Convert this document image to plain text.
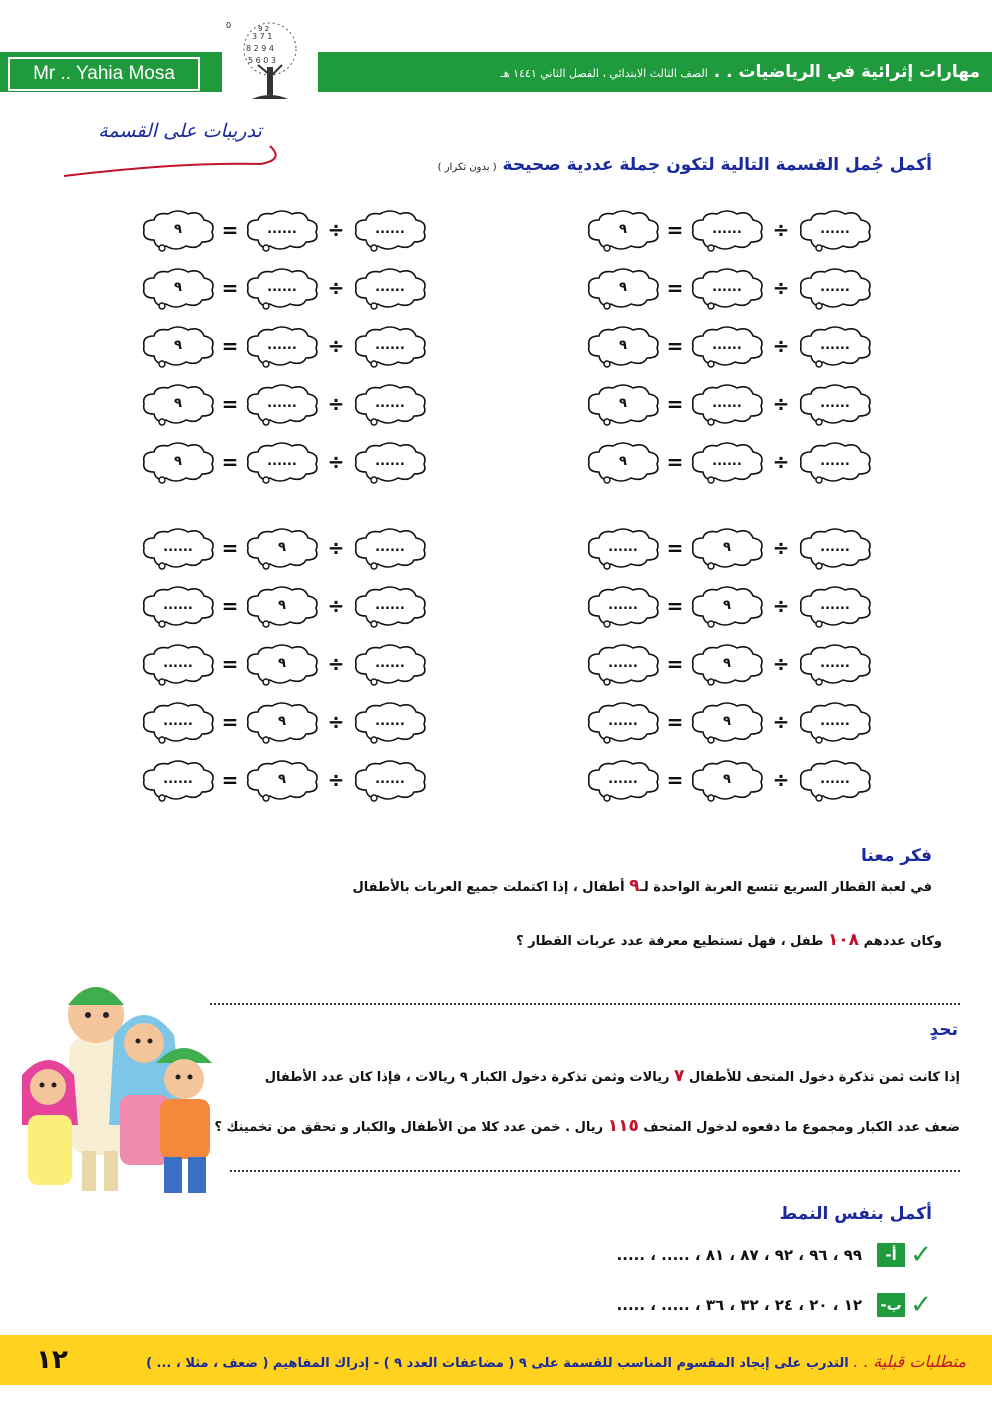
Mr .. Yahia Mosa
3 7 1
8 2 9 4
5 6 0 3
9 2
0
مهارات إثرائية في الرياضيات . . الصف الثالث الابتدائي ، الفصل الثاني ١٤٤١ هـ
تدريبات على القسمة
أكمل جُمل القسمة التالية لتكون جملة عددية صحيحة ( بدون تكرار )
٩	=	......	÷	......
٩	=	......	÷	......
٩	=	......	÷	......
٩	=	......	÷	......
٩	=	......	÷	......
٩	=	......	÷	......
٩	=	......	÷	......
٩	=	......	÷	......
٩	=	......	÷	......
٩	=	......	÷	......
......	=	٩	÷	......
......	=	٩	÷	......
......	=	٩	÷	......
......	=	٩	÷	......
......	=	٩	÷	......
......	=	٩	÷	......
......	=	٩	÷	......
......	=	٩	÷	......
......	=	٩	÷	......
......	=	٩	÷	......
فكر معنا
في لعبة القطار السريع تتسع العربة الواحدة لـ٩ أطفال ، إذا اكتملت جميع العربات بالأطفال
وكان عددهم ١٠٨ طفل ، فهل تستطيع معرفة عدد عربات القطار ؟
تحدٍ
إذا كانت ثمن تذكرة دخول المتحف للأطفال ٧ ريالات وثمن تذكرة دخول الكبار ٩ ريالات ، فإذا كان عدد الأطفال
ضعف عدد الكبار ومجموع ما دفعوه لدخول المتحف ١١٥ ريال . خمن عدد كلا من الأطفال والكبار و تحقق من تخمينك ؟
أكمل بنفس النمط
✓ أ- ٩٩ ، ٩٦ ، ٩٢ ، ٨٧ ، ٨١ ، ..... ، .....
✓ ب- ١٢ ، ٢٠ ، ٢٤ ، ٣٢ ، ٣٦ ، ..... ، .....
١٢	متطلبات قبلية . . التدرب على إيجاد المقسوم المناسب للقسمة على ٩ ( مضاعفات العدد ٩ ) - إدراك المفاهيم ( ضعف ، مثلا ، ... )
